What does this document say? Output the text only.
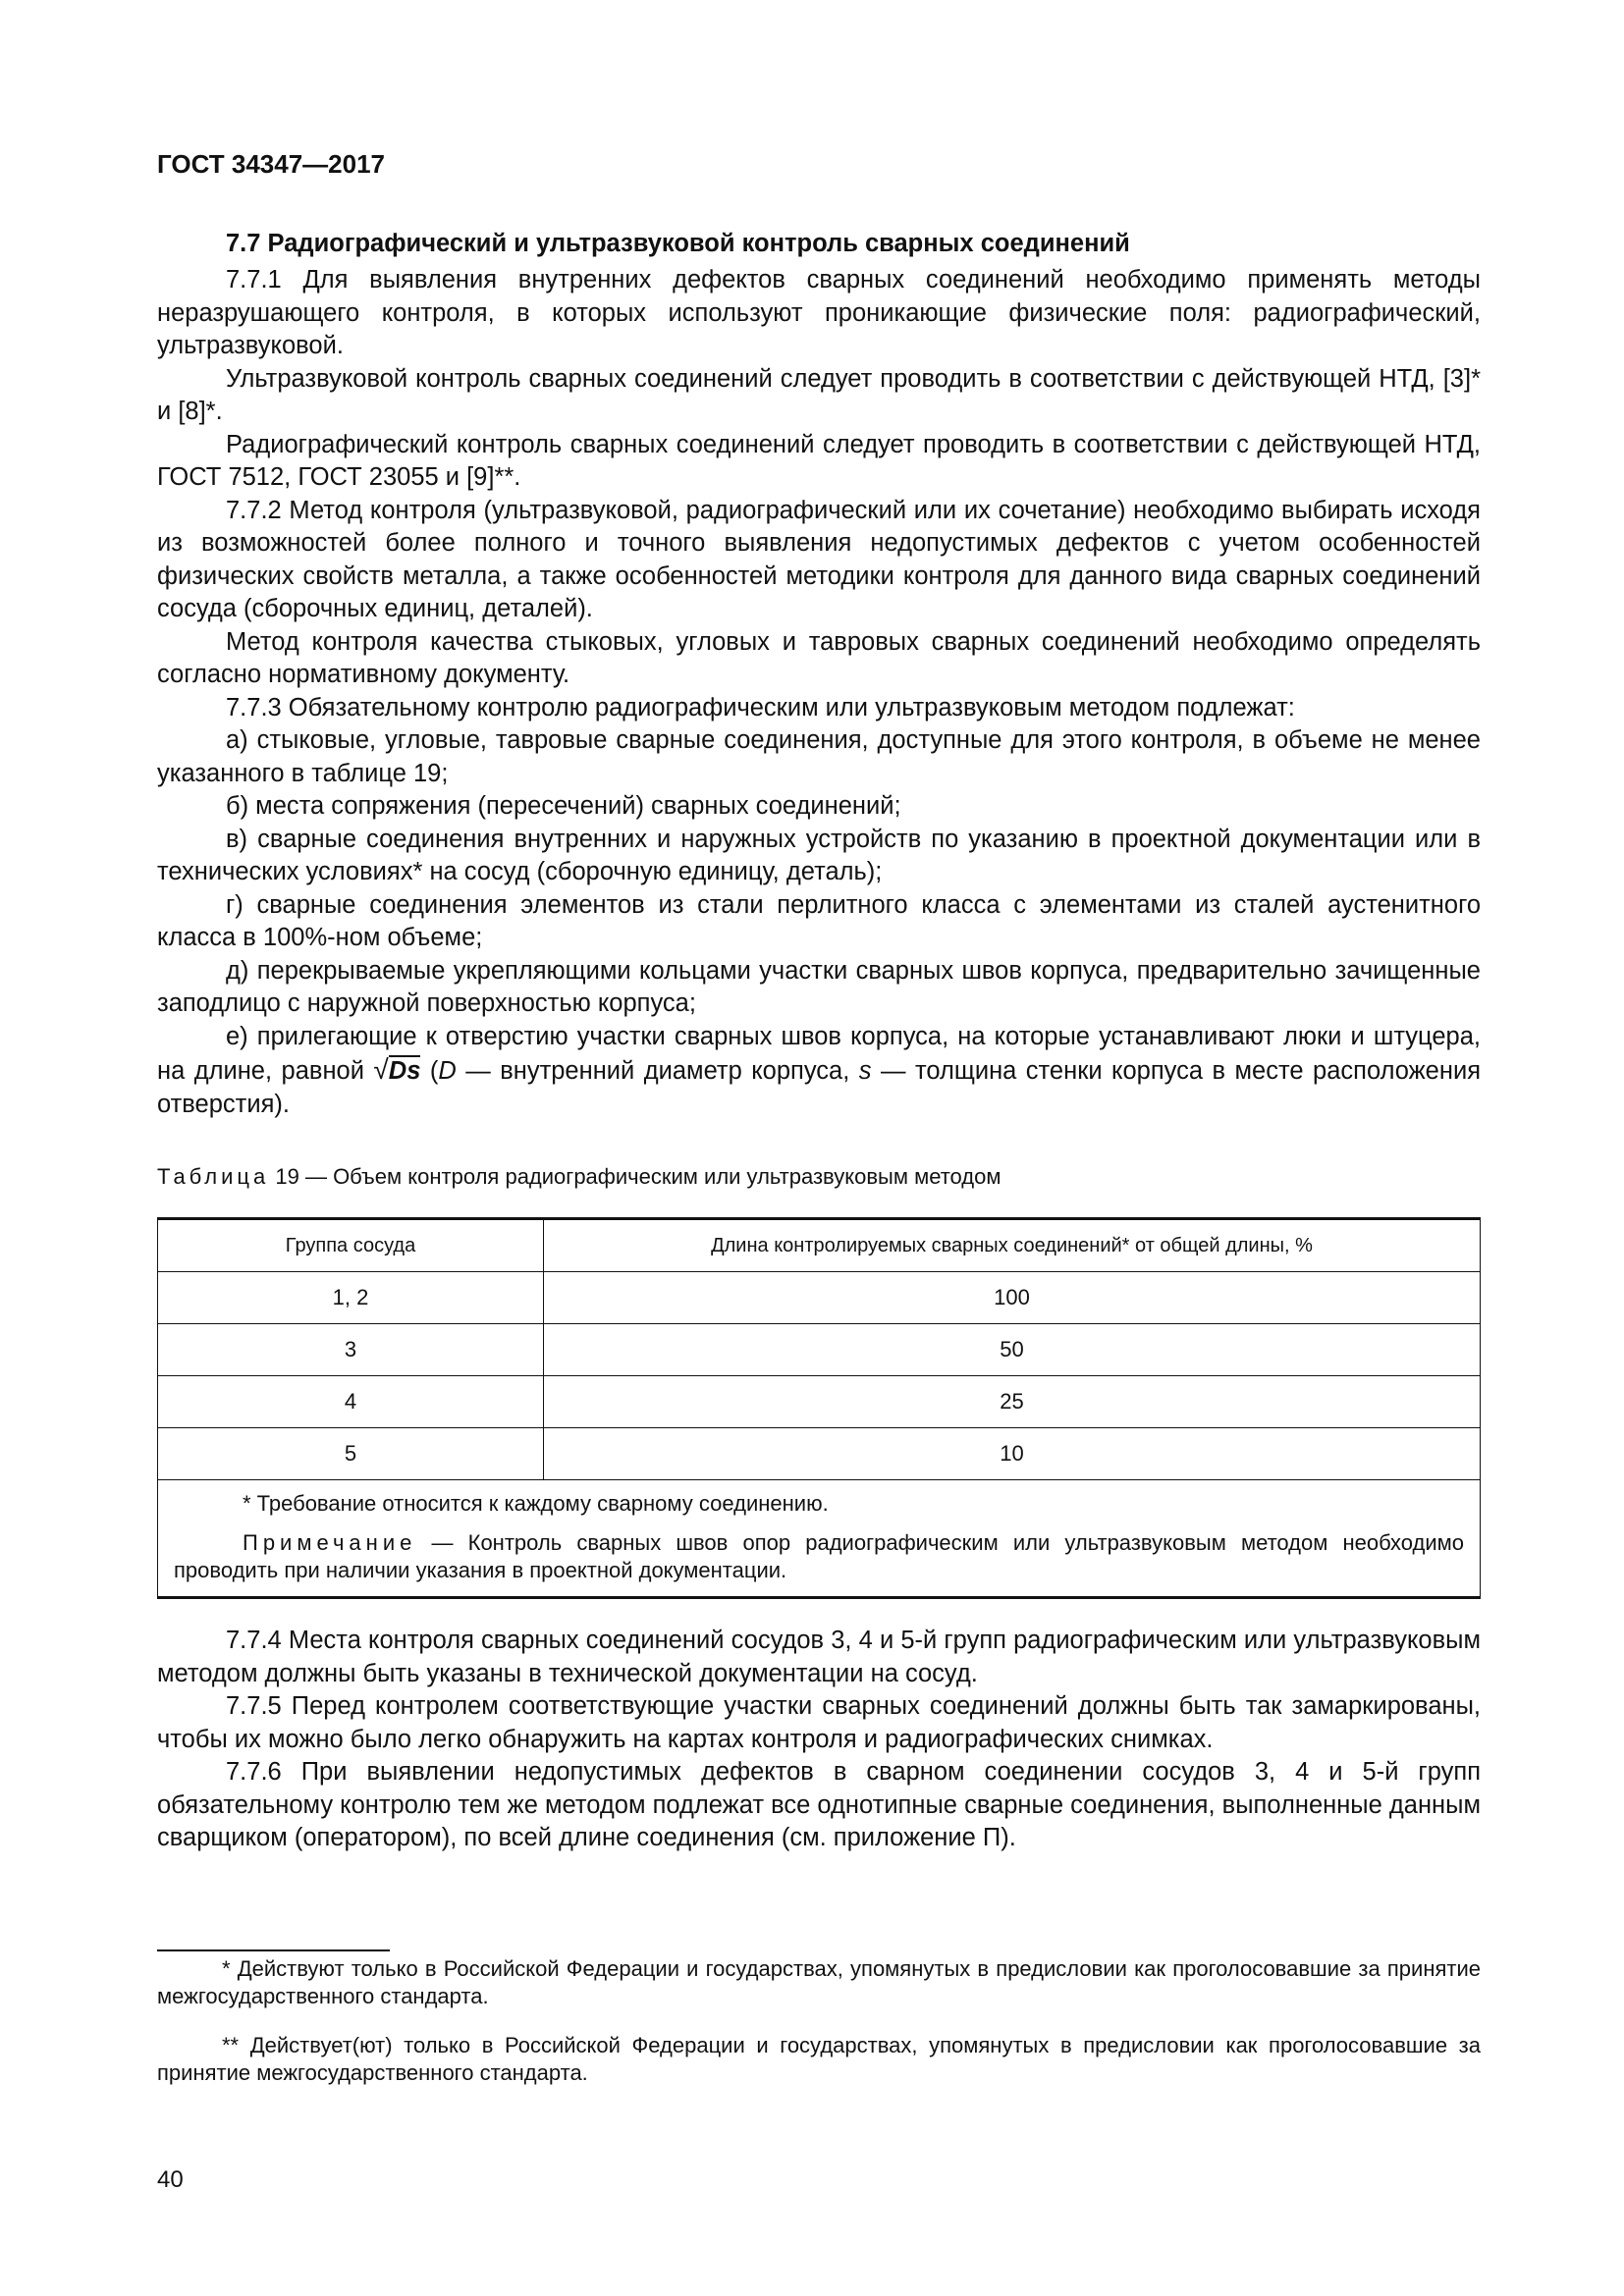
ГОСТ 34347—2017

7.7 Радиографический и ультразвуковой контроль сварных соединений

7.7.1 Для выявления внутренних дефектов сварных соединений необходимо применять методы неразрушающего контроля, в которых используют проникающие физические поля: радиографический, ультразвуковой.

Ультразвуковой контроль сварных соединений следует проводить в соответствии с действующей НТД, [3]* и [8]*.

Радиографический контроль сварных соединений следует проводить в соответствии с действующей НТД, ГОСТ 7512, ГОСТ 23055 и [9]**.

7.7.2 Метод контроля (ультразвуковой, радиографический или их сочетание) необходимо выбирать исходя из возможностей более полного и точного выявления недопустимых дефектов с учетом особенностей физических свойств металла, а также особенностей методики контроля для данного вида сварных соединений сосуда (сборочных единиц, деталей).

Метод контроля качества стыковых, угловых и тавровых сварных соединений необходимо определять согласно нормативному документу.

7.7.3 Обязательному контролю радиографическим или ультразвуковым методом подлежат:

а) стыковые, угловые, тавровые сварные соединения, доступные для этого контроля, в объеме не менее указанного в таблице 19;

б) места сопряжения (пересечений) сварных соединений;

в) сварные соединения внутренних и наружных устройств по указанию в проектной документации или в технических условиях* на сосуд (сборочную единицу, деталь);

г) сварные соединения элементов из стали перлитного класса с элементами из сталей аустенитного класса в 100%-ном объеме;

д) перекрываемые укрепляющими кольцами участки сварных швов корпуса, предварительно зачищенные заподлицо с наружной поверхностью корпуса;

е) прилегающие к отверстию участки сварных швов корпуса, на которые устанавливают люки и штуцера, на длине, равной √Ds (D — внутренний диаметр корпуса, s — толщина стенки корпуса в месте расположения отверстия).

Таблица 19 — Объем контроля радиографическим или ультразвуковым методом
Группа сосуда	Длина контролируемых сварных соединений* от общей длины, %
1, 2	100
3	50
4	25
5	10

* Требование относится к каждому сварному соединению.

Примечание — Контроль сварных швов опор радиографическим или ультразвуковым методом необходимо проводить при наличии указания в проектной документации.

7.7.4 Места контроля сварных соединений сосудов 3, 4 и 5-й групп радиографическим или ультразвуковым методом должны быть указаны в технической документации на сосуд.

7.7.5 Перед контролем соответствующие участки сварных соединений должны быть так замаркированы, чтобы их можно было легко обнаружить на картах контроля и радиографических снимках.

7.7.6 При выявлении недопустимых дефектов в сварном соединении сосудов 3, 4 и 5-й групп обязательному контролю тем же методом подлежат все однотипные сварные соединения, выполненные данным сварщиком (оператором), по всей длине соединения (см. приложение П).

* Действуют только в Российской Федерации и государствах, упомянутых в предисловии как проголосовавшие за принятие межгосударственного стандарта.

** Действует(ют) только в Российской Федерации и государствах, упомянутых в предисловии как проголосовавшие за принятие межгосударственного стандарта.

40
